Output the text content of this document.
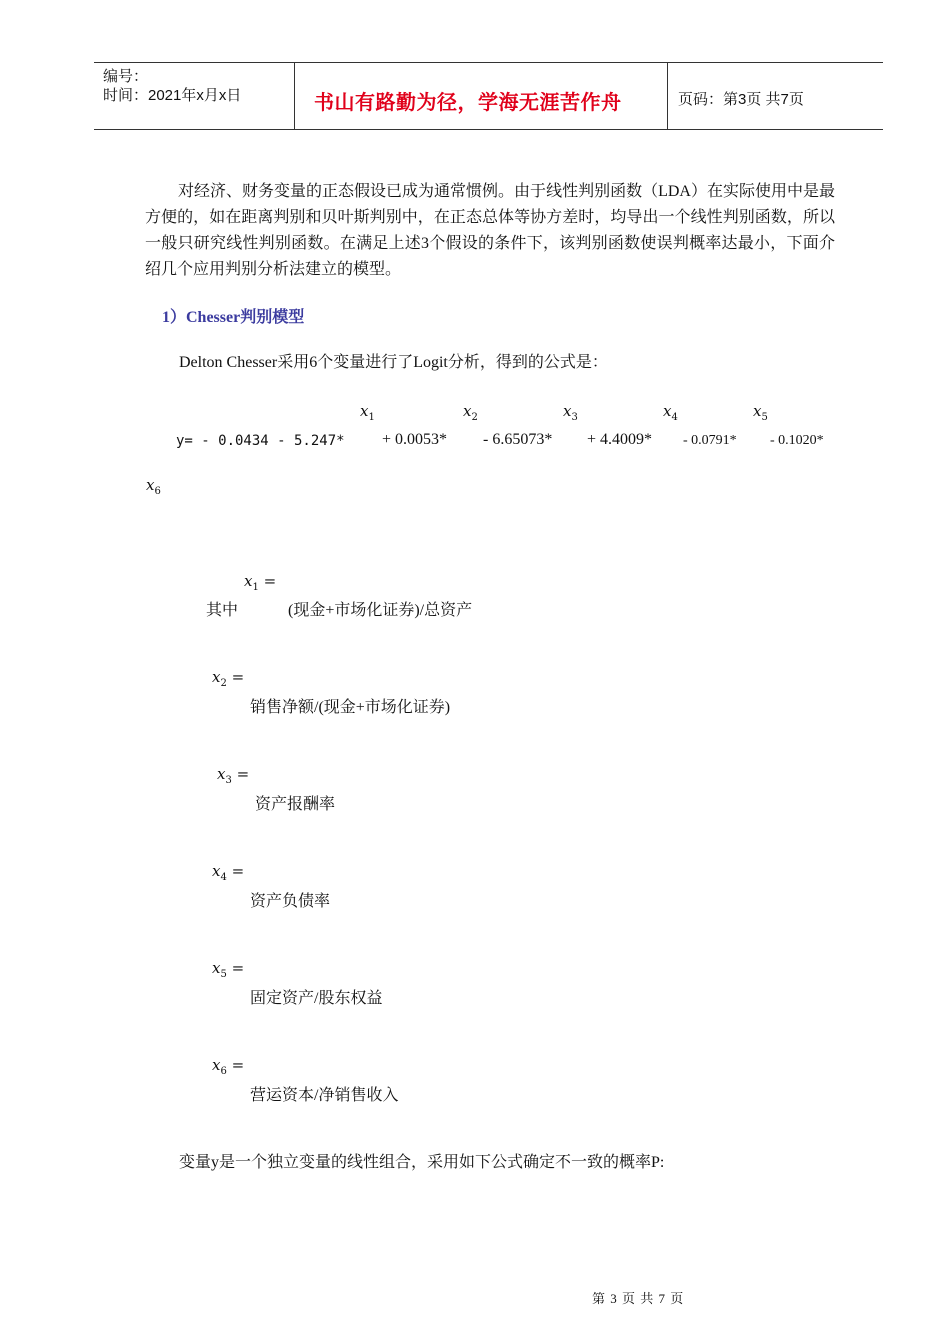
编号：
时间：2021年x月x日	书山有路勤为径，学海无涯苦作舟	页码：第3页 共7页
对经济、财务变量的正态假设已成为通常惯例。由于线性判别函数（LDA）在实际使用中是最方便的，如在距离判别和贝叶斯判别中，在正态总体等协方差时，均导出一个线性判别函数，所以一般只研究线性判别函数。在满足上述3个假设的条件下，该判别函数使误判概率达最小，下面介绍几个应用判别分析法建立的模型。
1）Chesser判别模型
Delton Chesser采用6个变量进行了Logit分析，得到的公式是：
$x_1$	$x_2$	$x_3$	$x_4$	$x_5$
y= - 0.0434 - 5.247* + 0.0053* - 6.65073* + 4.4009* - 0.0791* - 0.1020*
$x_6$
$x_1$ =
其中	(现金+市场化证券)/总资产
$x_2$ =
销售净额/(现金+市场化证券)
$x_3$ =
资产报酬率
$x_4$ =
资产负债率
$x_5$ =
固定资产/股东权益
$x_6$ =
营运资本/净销售收入
变量y是一个独立变量的线性组合，采用如下公式确定不一致的概率P:
第 3 页 共 7 页
